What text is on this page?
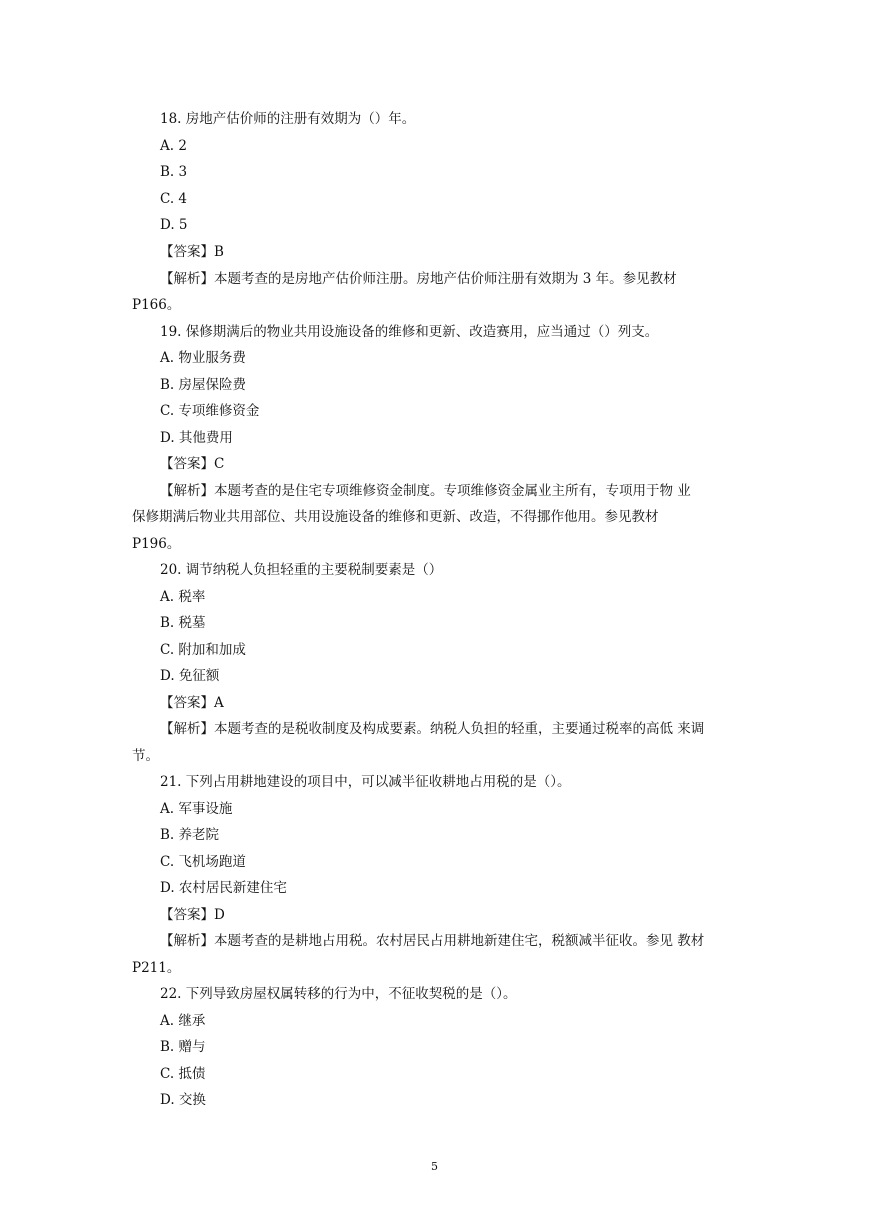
18. 房地产估价师的注册有效期为（）年。
A. 2
B. 3
C. 4
D. 5
【答案】B
【解析】本题考查的是房地产估价师注册。房地产估价师注册有效期为 3 年。参见教材
P166。
19. 保修期满后的物业共用设施设备的维修和更新、改造赛用，应当通过（）列支。
A. 物业服务费
B. 房屋保险费
C. 专项维修资金
D. 其他费用
【答案】C
【解析】本题考查的是住宅专项维修资金制度。专项维修资金属业主所有，专项用于物 业
保修期满后物业共用部位、共用设施设备的维修和更新、改造，不得挪作他用。参见教材
P196。
20. 调节纳税人负担轻重的主要税制要素是（）
A. 税率
B. 税墓
C. 附加和加成
D. 免征额
【答案】A
【解析】本题考查的是税收制度及构成要素。纳税人负担的轻重，主要通过税率的高低 来调
节。
21. 下列占用耕地建设的项目中，可以减半征收耕地占用税的是（）。
A. 军事设施
B. 养老院
C. 飞机场跑道
D. 农村居民新建住宅
【答案】D
【解析】本题考查的是耕地占用税。农村居民占用耕地新建住宅，税额减半征收。参见 教材
P211。
22. 下列导致房屋权属转移的行为中，不征收契税的是（）。
A. 继承
B. 赠与
C. 抵债
D. 交换
5
